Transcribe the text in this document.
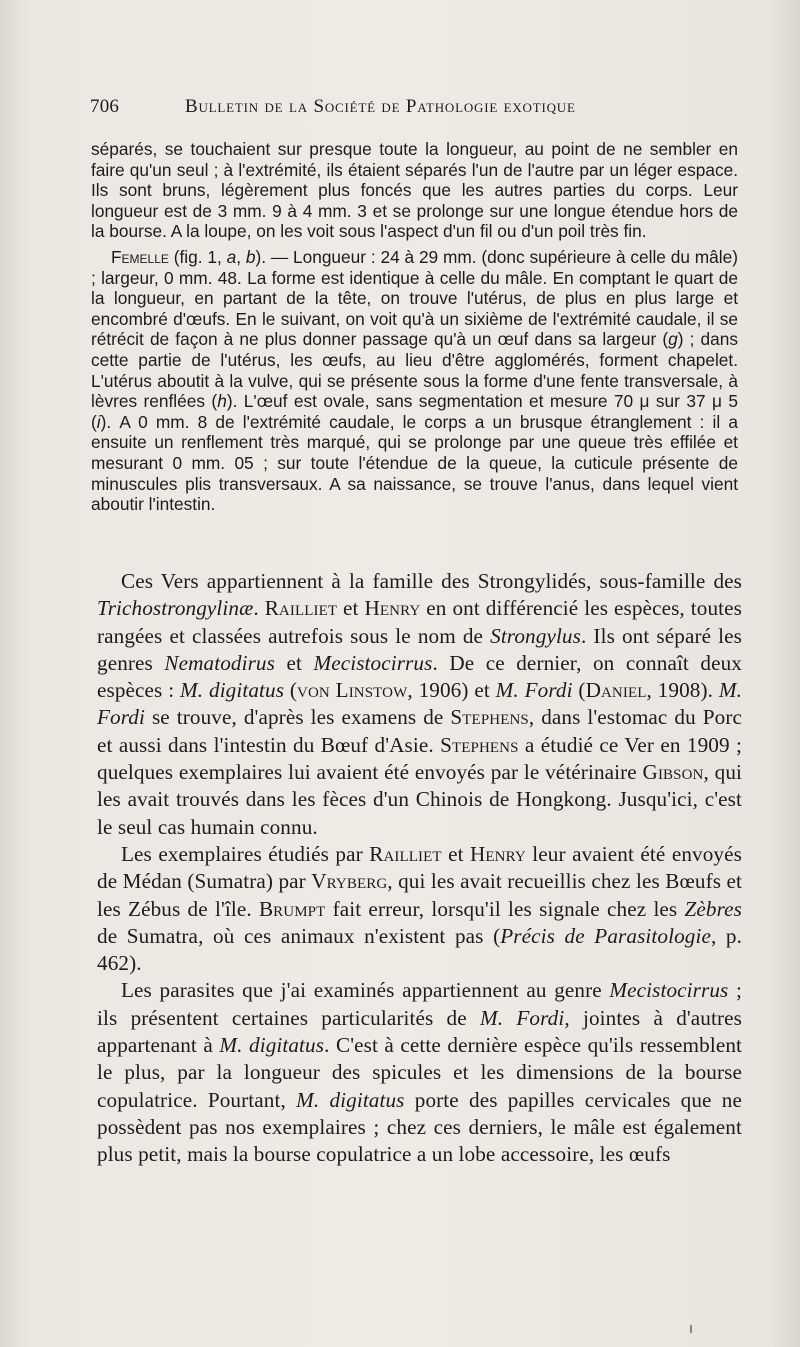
706	Bulletin de la Société de Pathologie exotique

séparés, se touchaient sur presque toute la longueur, au point de ne sembler en faire qu'un seul ; à l'extrémité, ils étaient séparés l'un de l'autre par un léger espace. Ils sont bruns, légèrement plus foncés que les autres parties du corps. Leur longueur est de 3 mm. 9 à 4 mm. 3 et se prolonge sur une longue étendue hors de la bourse. A la loupe, on les voit sous l'aspect d'un fil ou d'un poil très fin.

Femelle (fig. 1, a, b). — Longueur : 24 à 29 mm. (donc supérieure à celle du mâle) ; largeur, 0 mm. 48. La forme est identique à celle du mâle. En comptant le quart de la longueur, en partant de la tête, on trouve l'utérus, de plus en plus large et encombré d'œufs. En le suivant, on voit qu'à un sixième de l'extrémité caudale, il se rétrécit de façon à ne plus donner passage qu'à un œuf dans sa largeur (g) ; dans cette partie de l'utérus, les œufs, au lieu d'être agglomérés, forment chapelet. L'utérus aboutit à la vulve, qui se présente sous la forme d'une fente transversale, à lèvres renflées (h). L'œuf est ovale, sans segmentation et mesure 70 μ sur 37 μ 5 (i). A 0 mm. 8 de l'extrémité caudale, le corps a un brusque étranglement : il a ensuite un renflement très marqué, qui se prolonge par une queue très effilée et mesurant 0 mm. 05 ; sur toute l'étendue de la queue, la cuticule présente de minuscules plis transversaux. A sa naissance, se trouve l'anus, dans lequel vient aboutir l'intestin.

Ces Vers appartiennent à la famille des Strongylidés, sous-famille des Trichostrongylinæ. Railliet et Henry en ont différencié les espèces, toutes rangées et classées autrefois sous le nom de Strongylus. Ils ont séparé les genres Nematodirus et Mecistocirrus. De ce dernier, on connaît deux espèces : M. digitatus (von Linstow, 1906) et M. Fordi (Daniel, 1908). M. Fordi se trouve, d'après les examens de Stephens, dans l'estomac du Porc et aussi dans l'intestin du Bœuf d'Asie. Stephens a étudié ce Ver en 1909 ; quelques exemplaires lui avaient été envoyés par le vétérinaire Gibson, qui les avait trouvés dans les fèces d'un Chinois de Hongkong. Jusqu'ici, c'est le seul cas humain connu.

Les exemplaires étudiés par Railliet et Henry leur avaient été envoyés de Médan (Sumatra) par Vryberg, qui les avait recueillis chez les Bœufs et les Zébus de l'île. Brumpt fait erreur, lorsqu'il les signale chez les Zèbres de Sumatra, où ces animaux n'existent pas (Précis de Parasitologie, p. 462).

Les parasites que j'ai examinés appartiennent au genre Mecistocirrus ; ils présentent certaines particularités de M. Fordi, jointes à d'autres appartenant à M. digitatus. C'est à cette dernière espèce qu'ils ressemblent le plus, par la longueur des spicules et les dimensions de la bourse copulatrice. Pourtant, M. digitatus porte des papilles cervicales que ne possèdent pas nos exemplaires ; chez ces derniers, le mâle est également plus petit, mais la bourse copulatrice a un lobe accessoire, les œufs
